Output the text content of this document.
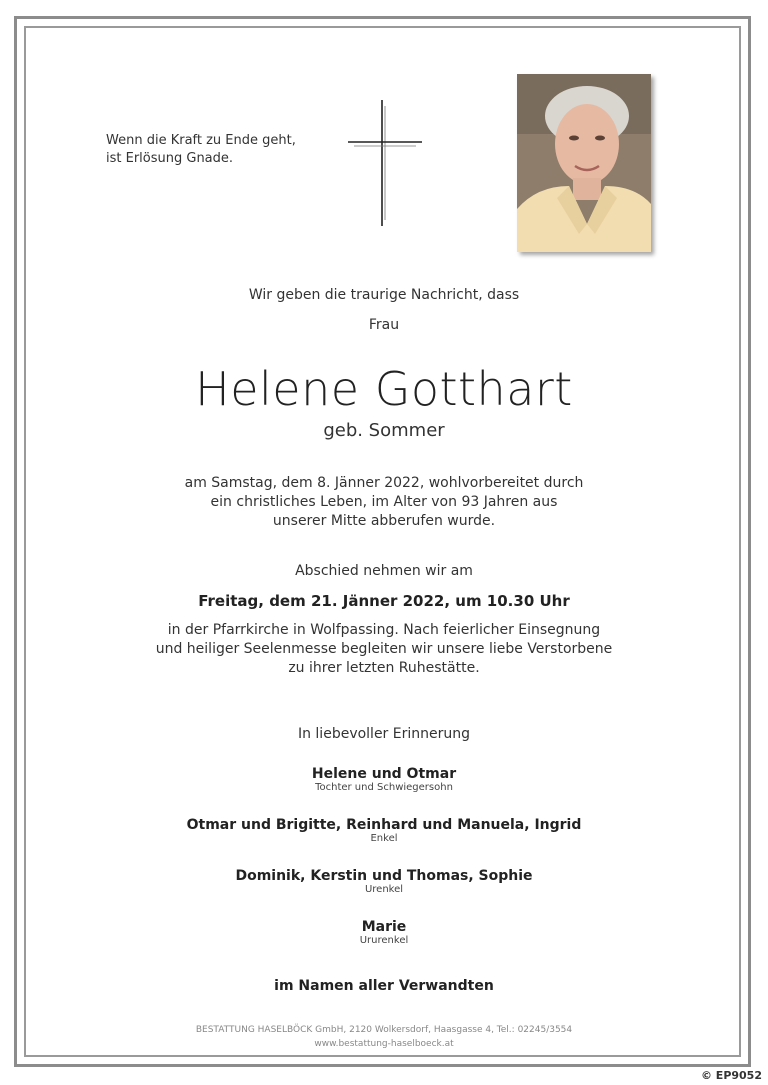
Wenn die Kraft zu Ende geht,
ist Erlösung Gnade.
Wir geben die traurige Nachricht, dass
Frau
Helene Gotthart
geb. Sommer
am Samstag, dem 8. Jänner 2022, wohlvorbereitet durch
ein christliches Leben, im Alter von 93 Jahren aus
unserer Mitte abberufen wurde.
Abschied nehmen wir am
Freitag, dem 21. Jänner 2022, um 10.30 Uhr
in der Pfarrkirche in Wolfpassing. Nach feierlicher Einsegnung
und heiliger Seelenmesse begleiten wir unsere liebe Verstorbene
zu ihrer letzten Ruhestätte.
In liebevoller Erinnerung
Helene und Otmar
Tochter und Schwiegersohn
Otmar und Brigitte, Reinhard und Manuela, Ingrid
Enkel
Dominik, Kerstin und Thomas, Sophie
Urenkel
Marie
Ururenkel
im Namen aller Verwandten
BESTATTUNG HASELBÖCK GmbH, 2120 Wolkersdorf, Haasgasse 4, Tel.: 02245/3554
www.bestattung-haselboeck.at
© EP9052
